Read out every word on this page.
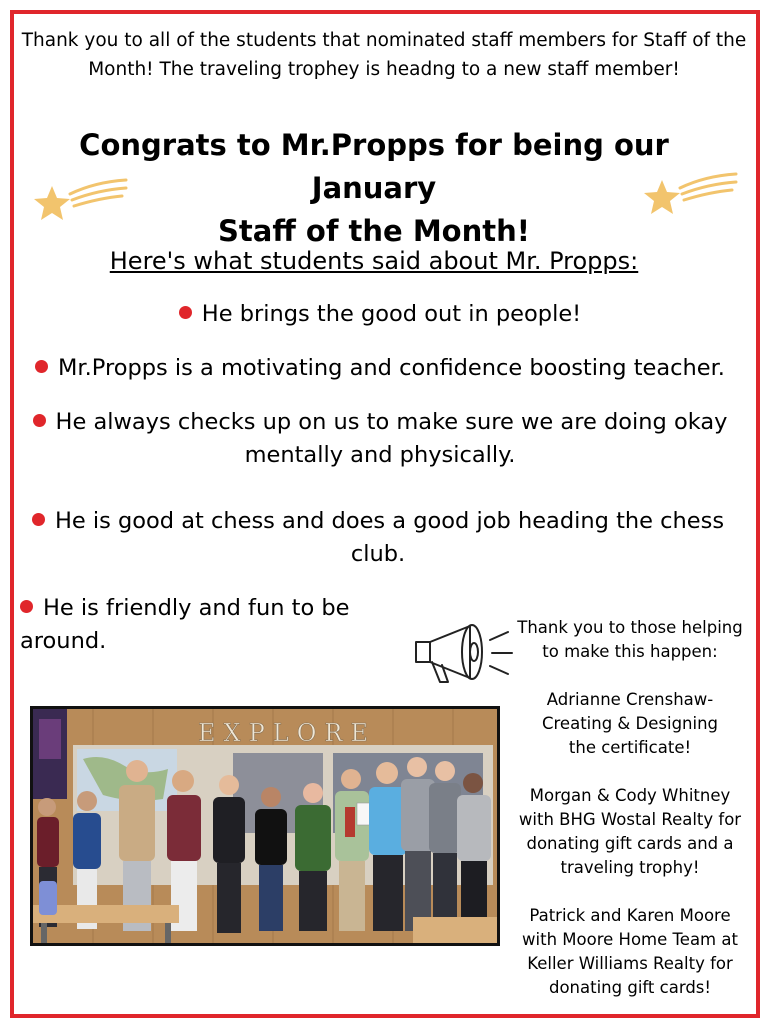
Thank you to all of the students that nominated staff members for Staff of the Month! The traveling trophey is headng to a new staff member!
Congrats to Mr.Propps for being our January
Staff of the Month!
Here's what students said about Mr. Propps:
He brings the good out in people!
Mr.Propps is a motivating and confidence boosting teacher.
He always checks up on us to make sure we are doing okay mentally and physically.
He is good at chess and does a good job heading the chess club.
He is friendly and fun to be around.
Thank you to those helping to make this happen:
Adrianne Crenshaw- Creating & Designing the certificate!
Morgan & Cody Whitney with BHG Wostal Realty for donating gift cards and a traveling trophy!
Patrick and Karen Moore with Moore Home Team at Keller Williams Realty for donating gift cards!
EXPLORE
